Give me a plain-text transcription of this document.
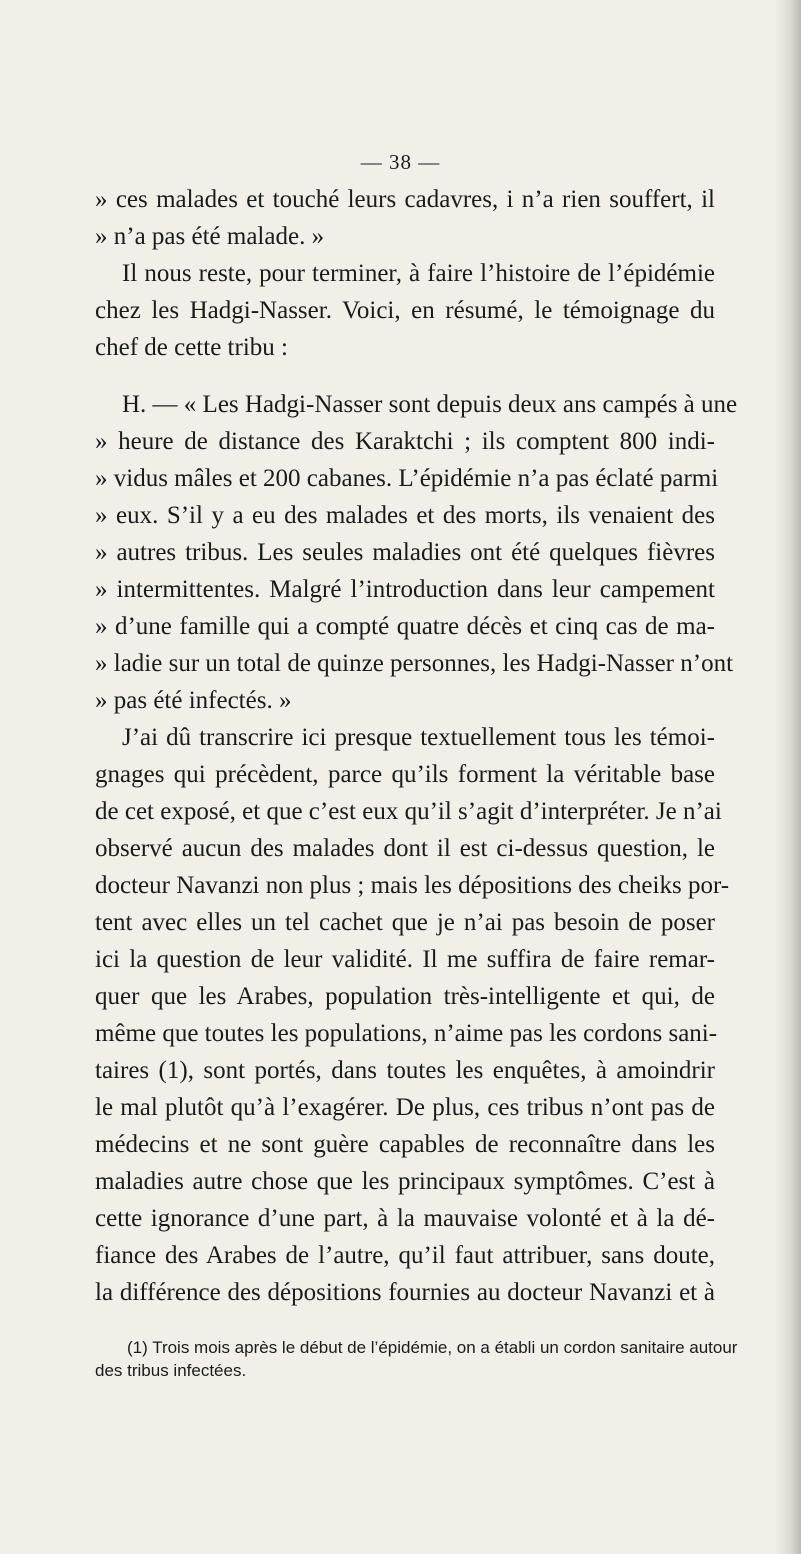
— 38 —
» ces malades et touché leurs cadavres, i n’a rien souffert, il
» n’a pas été malade. »
Il nous reste, pour terminer, à faire l’histoire de l’épidémie
chez les Hadgi-Nasser. Voici, en résumé, le témoignage du
chef de cette tribu :
H. — « Les Hadgi-Nasser sont depuis deux ans campés à une
» heure de distance des Karaktchi ; ils comptent 800 indi-
» vidus mâles et 200 cabanes. L’épidémie n’a pas éclaté parmi
» eux. S’il y a eu des malades et des morts, ils venaient des
» autres tribus. Les seules maladies ont été quelques fièvres
» intermittentes. Malgré l’introduction dans leur campement
» d’une famille qui a compté quatre décès et cinq cas de ma-
» ladie sur un total de quinze personnes, les Hadgi-Nasser n’ont
» pas été infectés. »
J’ai dû transcrire ici presque textuellement tous les témoi-
gnages qui précèdent, parce qu’ils forment la véritable base
de cet exposé, et que c’est eux qu’il s’agit d’interpréter. Je n’ai
observé aucun des malades dont il est ci-dessus question, le
docteur Navanzi non plus ; mais les dépositions des cheiks por-
tent avec elles un tel cachet que je n’ai pas besoin de poser
ici la question de leur validité. Il me suffira de faire remar-
quer que les Arabes, population très-intelligente et qui, de
même que toutes les populations, n’aime pas les cordons sani-
taires (1), sont portés, dans toutes les enquêtes, à amoindrir
le mal plutôt qu’à l’exagérer. De plus, ces tribus n’ont pas de
médecins et ne sont guère capables de reconnaître dans les
maladies autre chose que les principaux symptômes. C’est à
cette ignorance d’une part, à la mauvaise volonté et à la dé-
fiance des Arabes de l’autre, qu’il faut attribuer, sans doute,
la différence des dépositions fournies au docteur Navanzi et à
(1) Trois mois après le début de l’épidémie, on a établi un cordon sanitaire autour
des tribus infectées.
